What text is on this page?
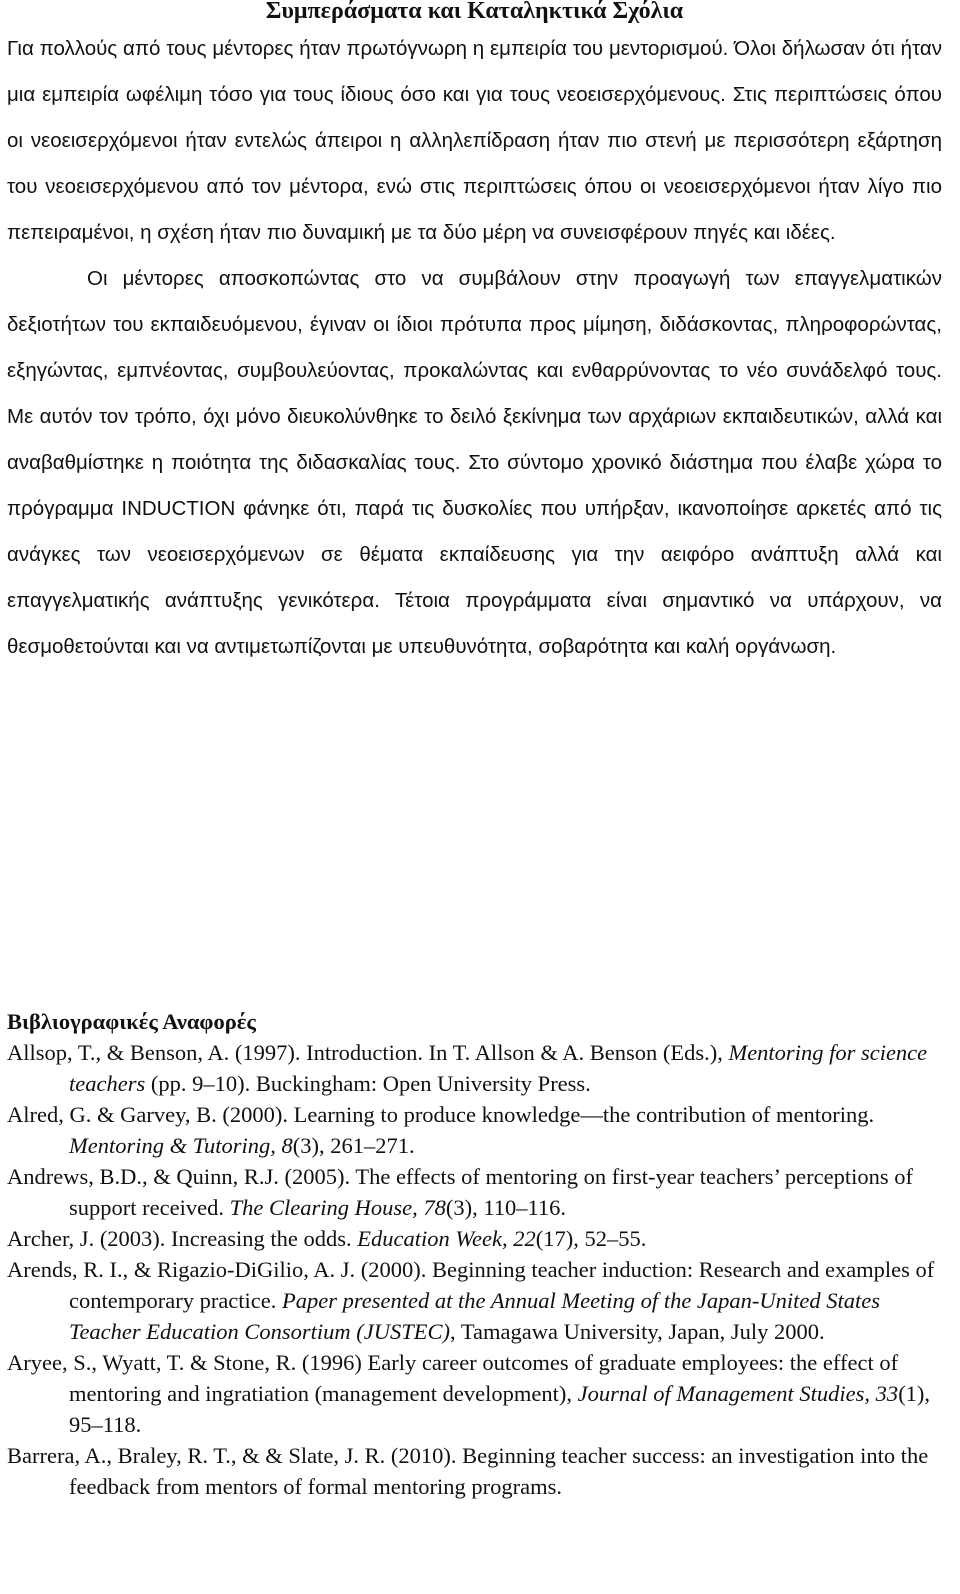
Συμπεράσματα και Καταληκτικά Σχόλια

Για πολλούς από τους μέντορες ήταν πρωτόγνωρη η εμπειρία του μεντορισμού. Όλοι δήλωσαν ότι ήταν μια εμπειρία ωφέλιμη τόσο για τους ίδιους όσο και για τους νεοεισερχόμενους. Στις περιπτώσεις όπου οι νεοεισερχόμενοι ήταν εντελώς άπειροι η αλληλεπίδραση ήταν πιο στενή με περισσότερη εξάρτηση του νεοεισερχόμενου από τον μέντορα, ενώ στις περιπτώσεις όπου οι νεοεισερχόμενοι ήταν λίγο πιο πεπειραμένοι, η σχέση ήταν πιο δυναμική με τα δύο μέρη να συνεισφέρουν πηγές και ιδέες.

Οι μέντορες αποσκοπώντας στο να συμβάλουν στην προαγωγή των επαγγελματικών δεξιοτήτων του εκπαιδευόμενου, έγιναν οι ίδιοι πρότυπα προς μίμηση, διδάσκοντας, πληροφορώντας, εξηγώντας, εμπνέοντας, συμβουλεύοντας, προκαλώντας και ενθαρρύνοντας το νέο συνάδελφό τους. Με αυτόν τον τρόπο, όχι μόνο διευκολύνθηκε το δειλό ξεκίνημα των αρχάριων εκπαιδευτικών, αλλά και αναβαθμίστηκε η ποιότητα της διδασκαλίας τους. Στο σύντομο χρονικό διάστημα που έλαβε χώρα το πρόγραμμα INDUCTION φάνηκε ότι, παρά τις δυσκολίες που υπήρξαν, ικανοποίησε αρκετές από τις ανάγκες των νεοεισερχόμενων σε θέματα εκπαίδευσης για την αειφόρο ανάπτυξη αλλά και επαγγελματικής ανάπτυξης γενικότερα. Τέτοια προγράμματα είναι σημαντικό να υπάρχουν, να θεσμοθετούνται και να αντιμετωπίζονται με υπευθυνότητα, σοβαρότητα και καλή οργάνωση.

Βιβλιογραφικές Αναφορές

Allsop, T., & Benson, A. (1997). Introduction. In T. Allson & A. Benson (Eds.), Mentoring for science teachers (pp. 9–10). Buckingham: Open University Press.

Alred, G. & Garvey, B. (2000). Learning to produce knowledge—the contribution of mentoring. Mentoring & Tutoring, 8(3), 261–271.

Andrews, B.D., & Quinn, R.J. (2005). The effects of mentoring on first-year teachers’ perceptions of support received. The Clearing House, 78(3), 110–116.

Archer, J. (2003). Increasing the odds. Education Week, 22(17), 52–55.

Arends, R. I., & Rigazio-DiGilio, A. J. (2000). Beginning teacher induction: Research and examples of contemporary practice. Paper presented at the Annual Meeting of the Japan-United States Teacher Education Consortium (JUSTEC), Tamagawa University, Japan, July 2000.

Aryee, S., Wyatt, T. & Stone, R. (1996) Early career outcomes of graduate employees: the effect of mentoring and ingratiation (management development), Journal of Management Studies, 33(1), 95–118.

Barrera, A., Braley, R. T., & & Slate, J. R. (2010). Beginning teacher success: an investigation into the feedback from mentors of formal mentoring programs.
